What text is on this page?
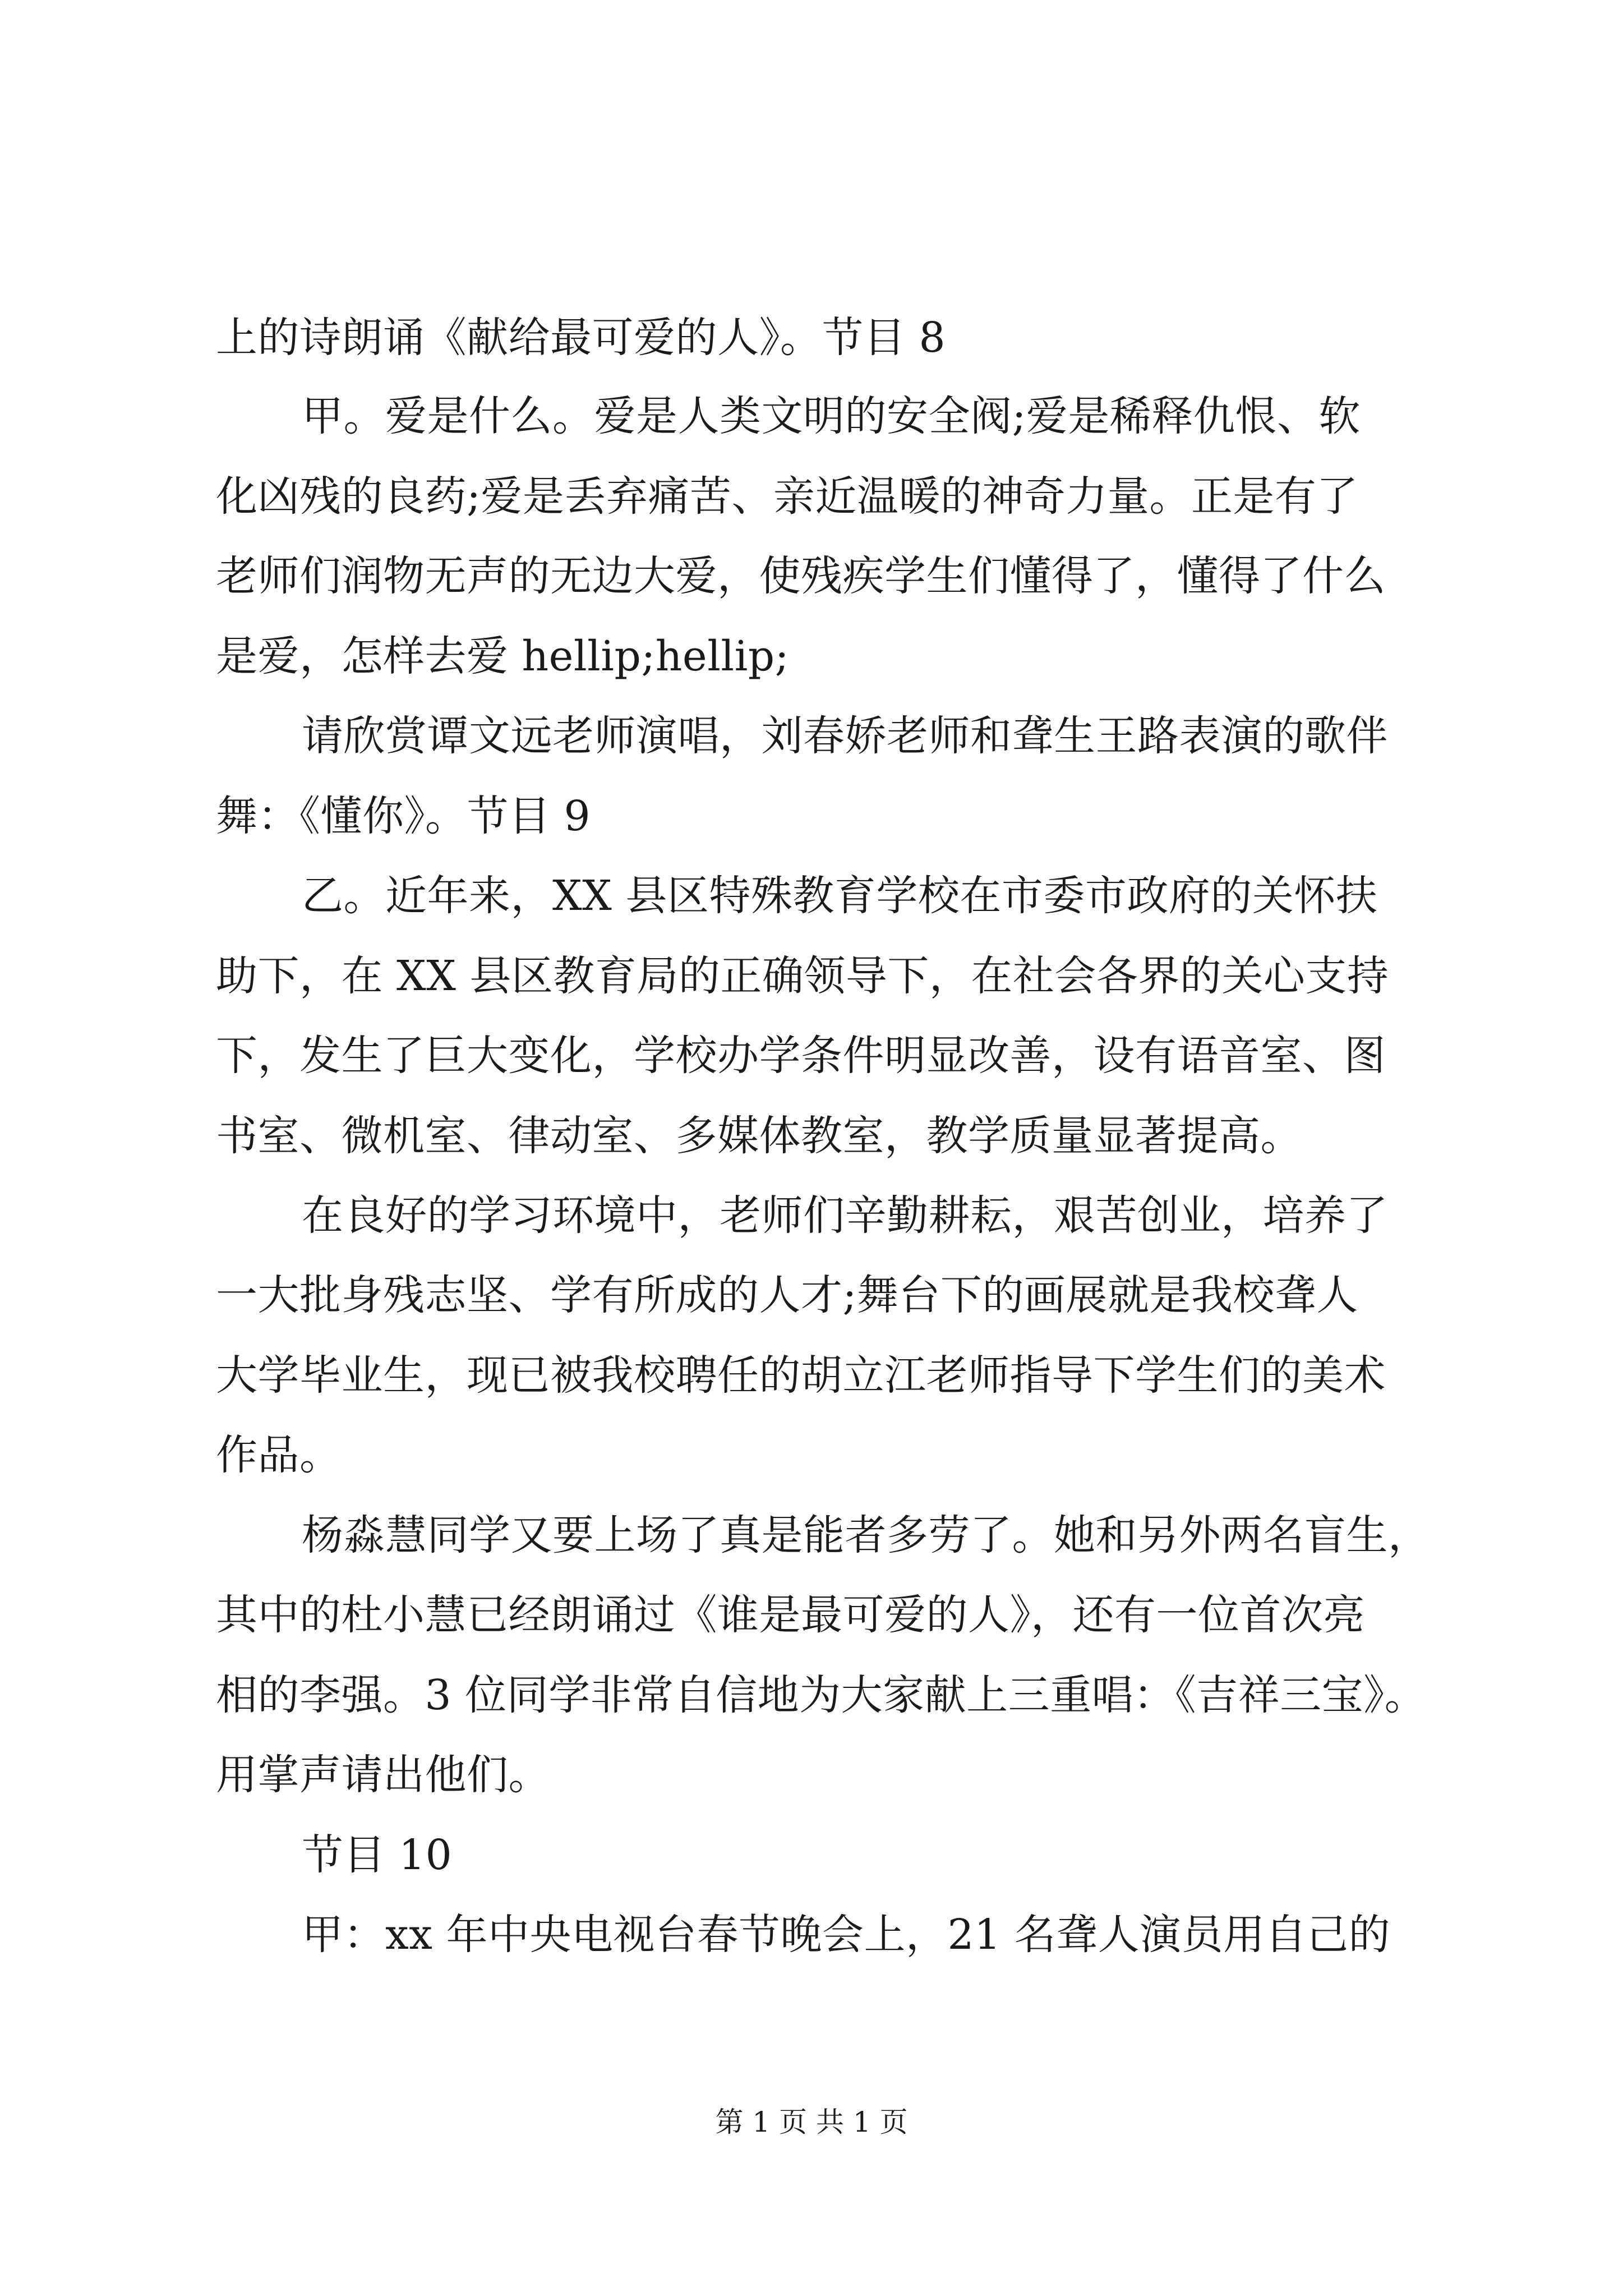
上的诗朗诵《献给最可爱的人》。节目 8

甲。爱是什么。爱是人类文明的安全阀;爱是稀释仇恨、软

化凶残的良药;爱是丢弃痛苦、亲近温暖的神奇力量。正是有了

老师们润物无声的无边大爱，使残疾学生们懂得了，懂得了什么

是爱，怎样去爱 hellip;hellip;

请欣赏谭文远老师演唱，刘春娇老师和聋生王路表演的歌伴

舞：《懂你》。节目 9

乙。近年来，XX 县区特殊教育学校在市委市政府的关怀扶

助下，在 XX 县区教育局的正确领导下，在社会各界的关心支持

下，发生了巨大变化，学校办学条件明显改善，设有语音室、图

书室、微机室、律动室、多媒体教室，教学质量显著提高。

在良好的学习环境中，老师们辛勤耕耘，艰苦创业，培养了

一大批身残志坚、学有所成的人才;舞台下的画展就是我校聋人

大学毕业生，现已被我校聘任的胡立江老师指导下学生们的美术

作品。

杨淼慧同学又要上场了真是能者多劳了。她和另外两名盲生，

其中的杜小慧已经朗诵过《谁是最可爱的人》，还有一位首次亮

相的李强。3 位同学非常自信地为大家献上三重唱：《吉祥三宝》。

用掌声请出他们。

节目 10

甲：xx 年中央电视台春节晚会上，21 名聋人演员用自己的

第 1 页 共 1 页
